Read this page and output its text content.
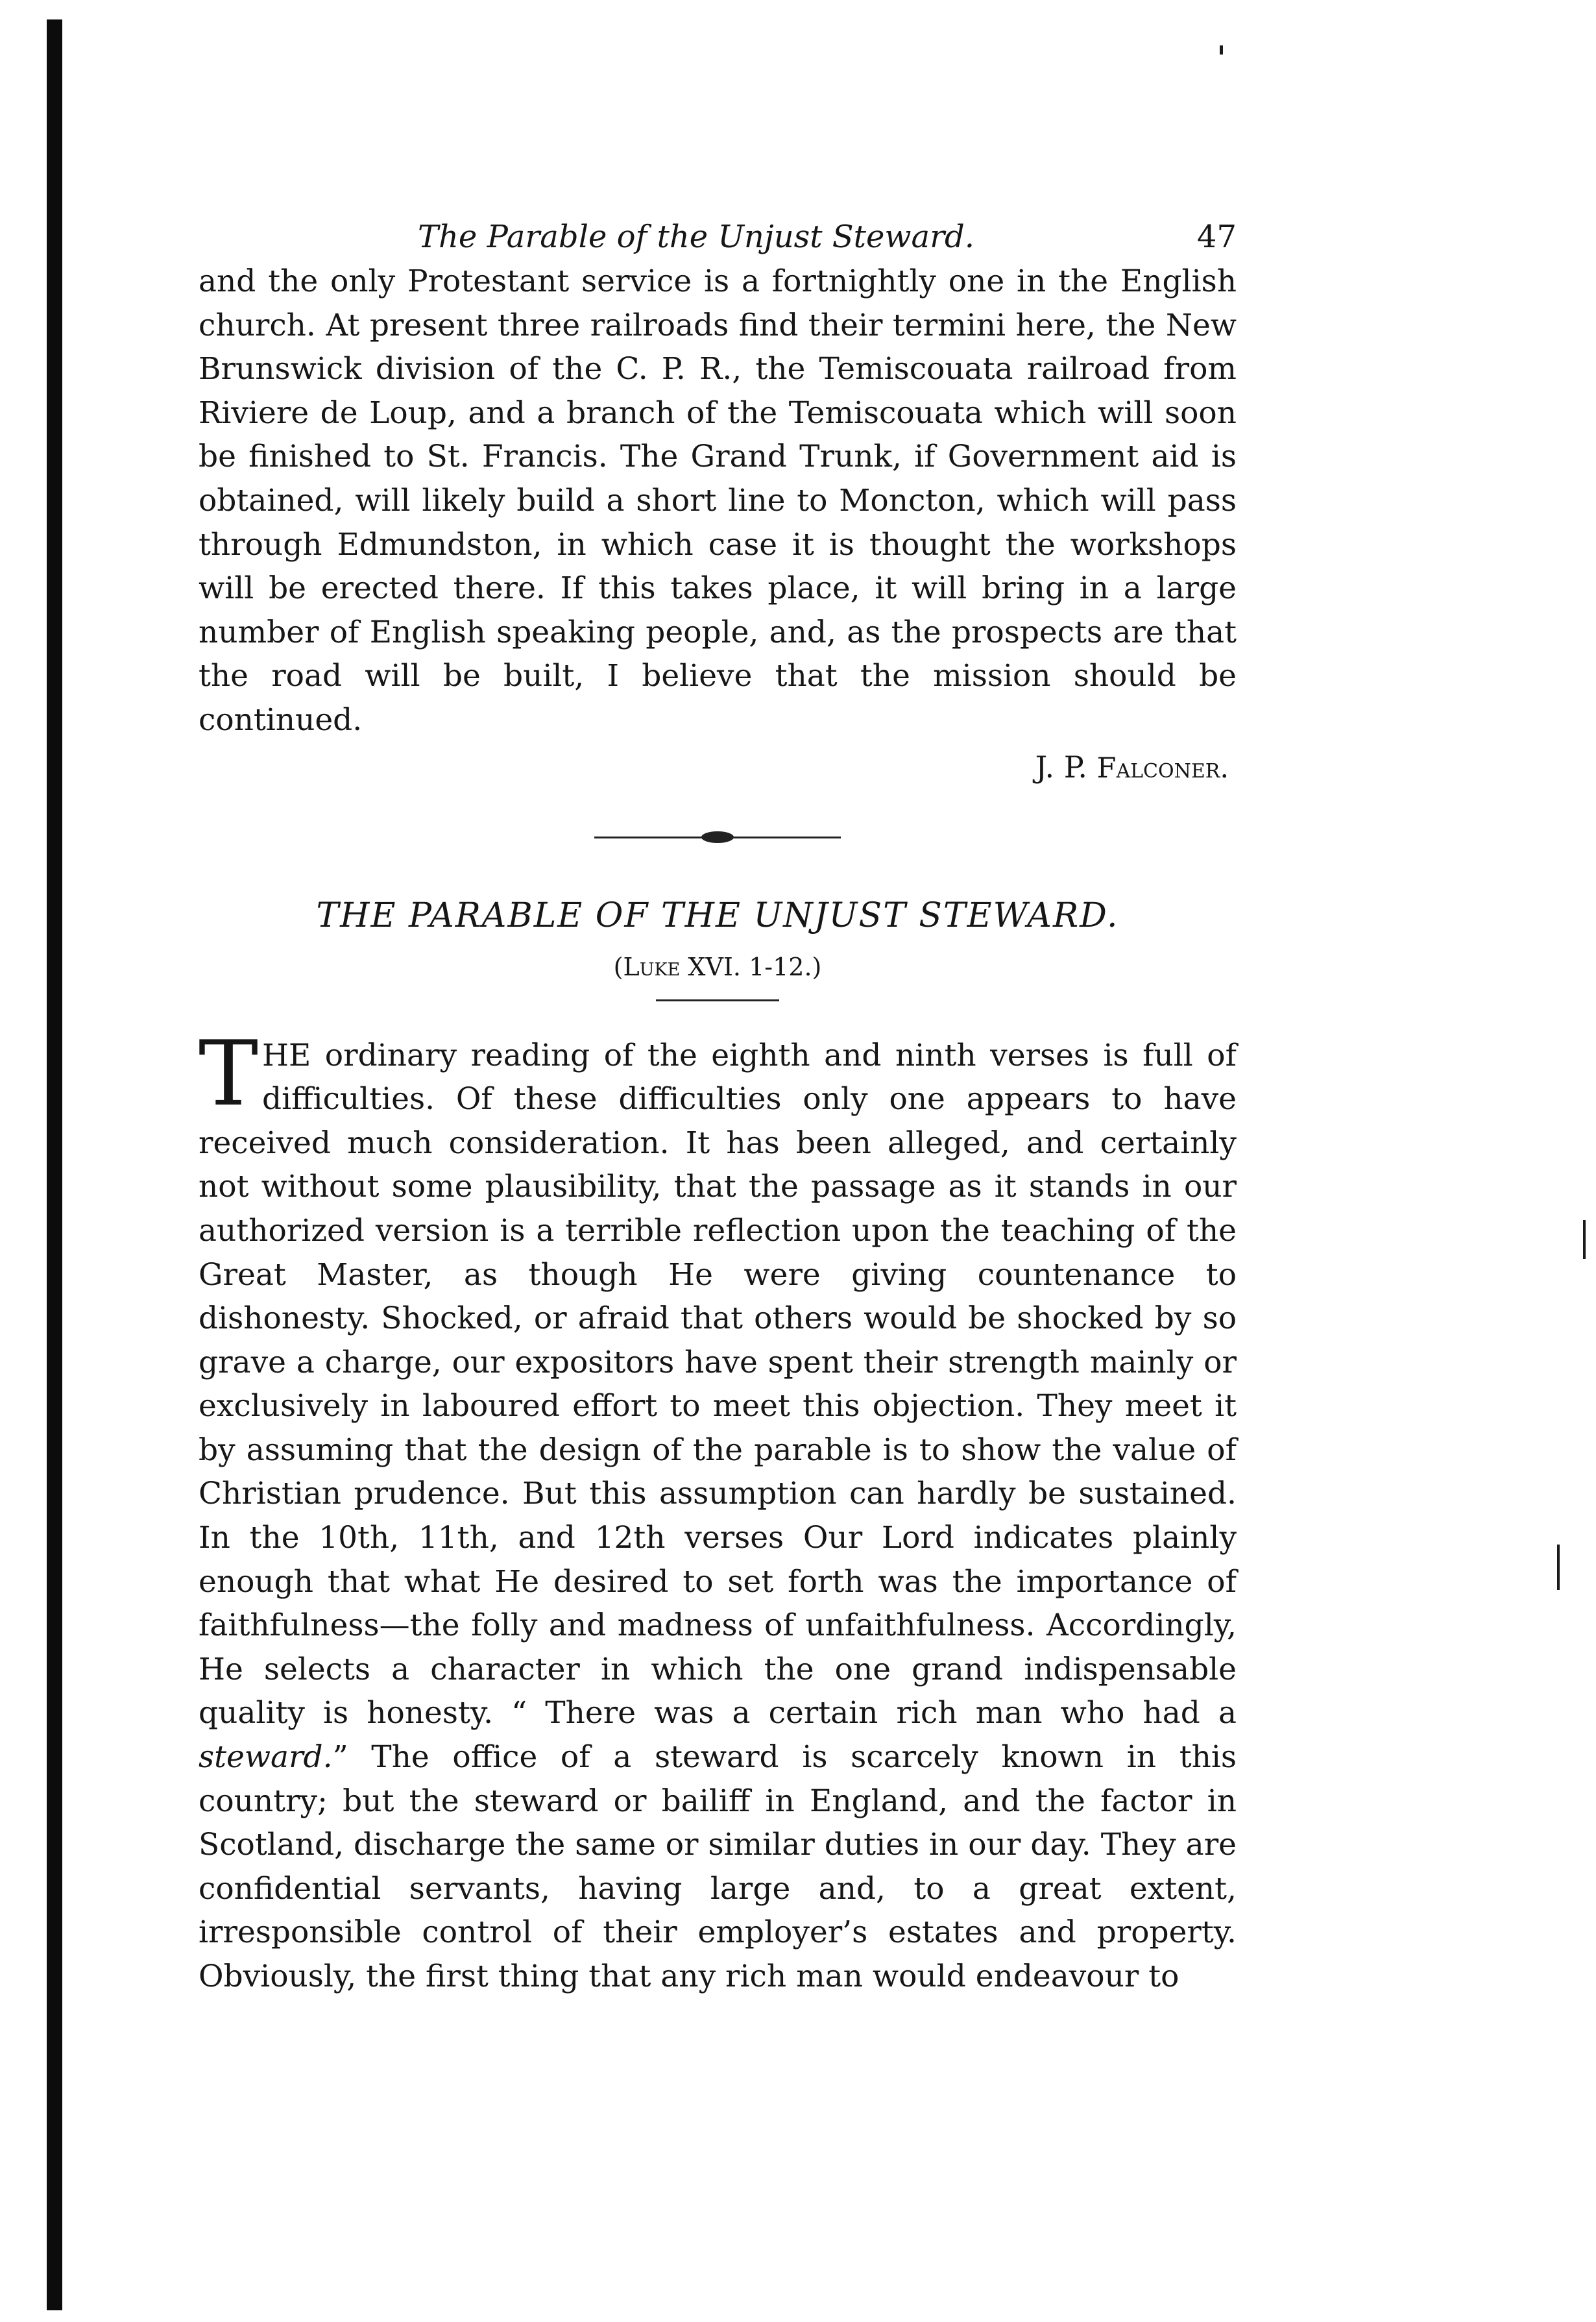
The Parable of the Unjust Steward.	47

and the only Protestant service is a fortnightly one in the English church. At present three railroads find their termini here, the New Brunswick division of the C. P. R., the Temiscouata railroad from Riviere de Loup, and a branch of the Temiscouata which will soon be finished to St. Francis. The Grand Trunk, if Government aid is obtained, will likely build a short line to Moncton, which will pass through Edmundston, in which case it is thought the workshops will be erected there. If this takes place, it will bring in a large number of English speaking people, and, as the prospects are that the road will be built, I believe that the mission should be continued.

J. P. Falconer.
THE PARABLE OF THE UNJUST STEWARD.
(Luke XVI. 1-12.)

THE ordinary reading of the eighth and ninth verses is full of difficulties. Of these difficulties only one appears to have received much consideration. It has been alleged, and certainly not without some plausibility, that the passage as it stands in our authorized version is a terrible reflection upon the teaching of the Great Master, as though He were giving countenance to dishonesty. Shocked, or afraid that others would be shocked by so grave a charge, our expositors have spent their strength mainly or exclusively in laboured effort to meet this objection. They meet it by assuming that the design of the parable is to show the value of Christian prudence. But this assumption can hardly be sustained. In the 10th, 11th, and 12th verses Our Lord indicates plainly enough that what He desired to set forth was the importance of faithfulness—the folly and madness of unfaithfulness. Accordingly, He selects a character in which the one grand indispensable quality is honesty. “ There was a certain rich man who had a steward.” The office of a steward is scarcely known in this country; but the steward or bailiff in England, and the factor in Scotland, discharge the same or similar duties in our day. They are confidential servants, having large and, to a great extent, irresponsible control of their employer’s estates and property. Obviously, the first thing that any rich man would endeavour to
